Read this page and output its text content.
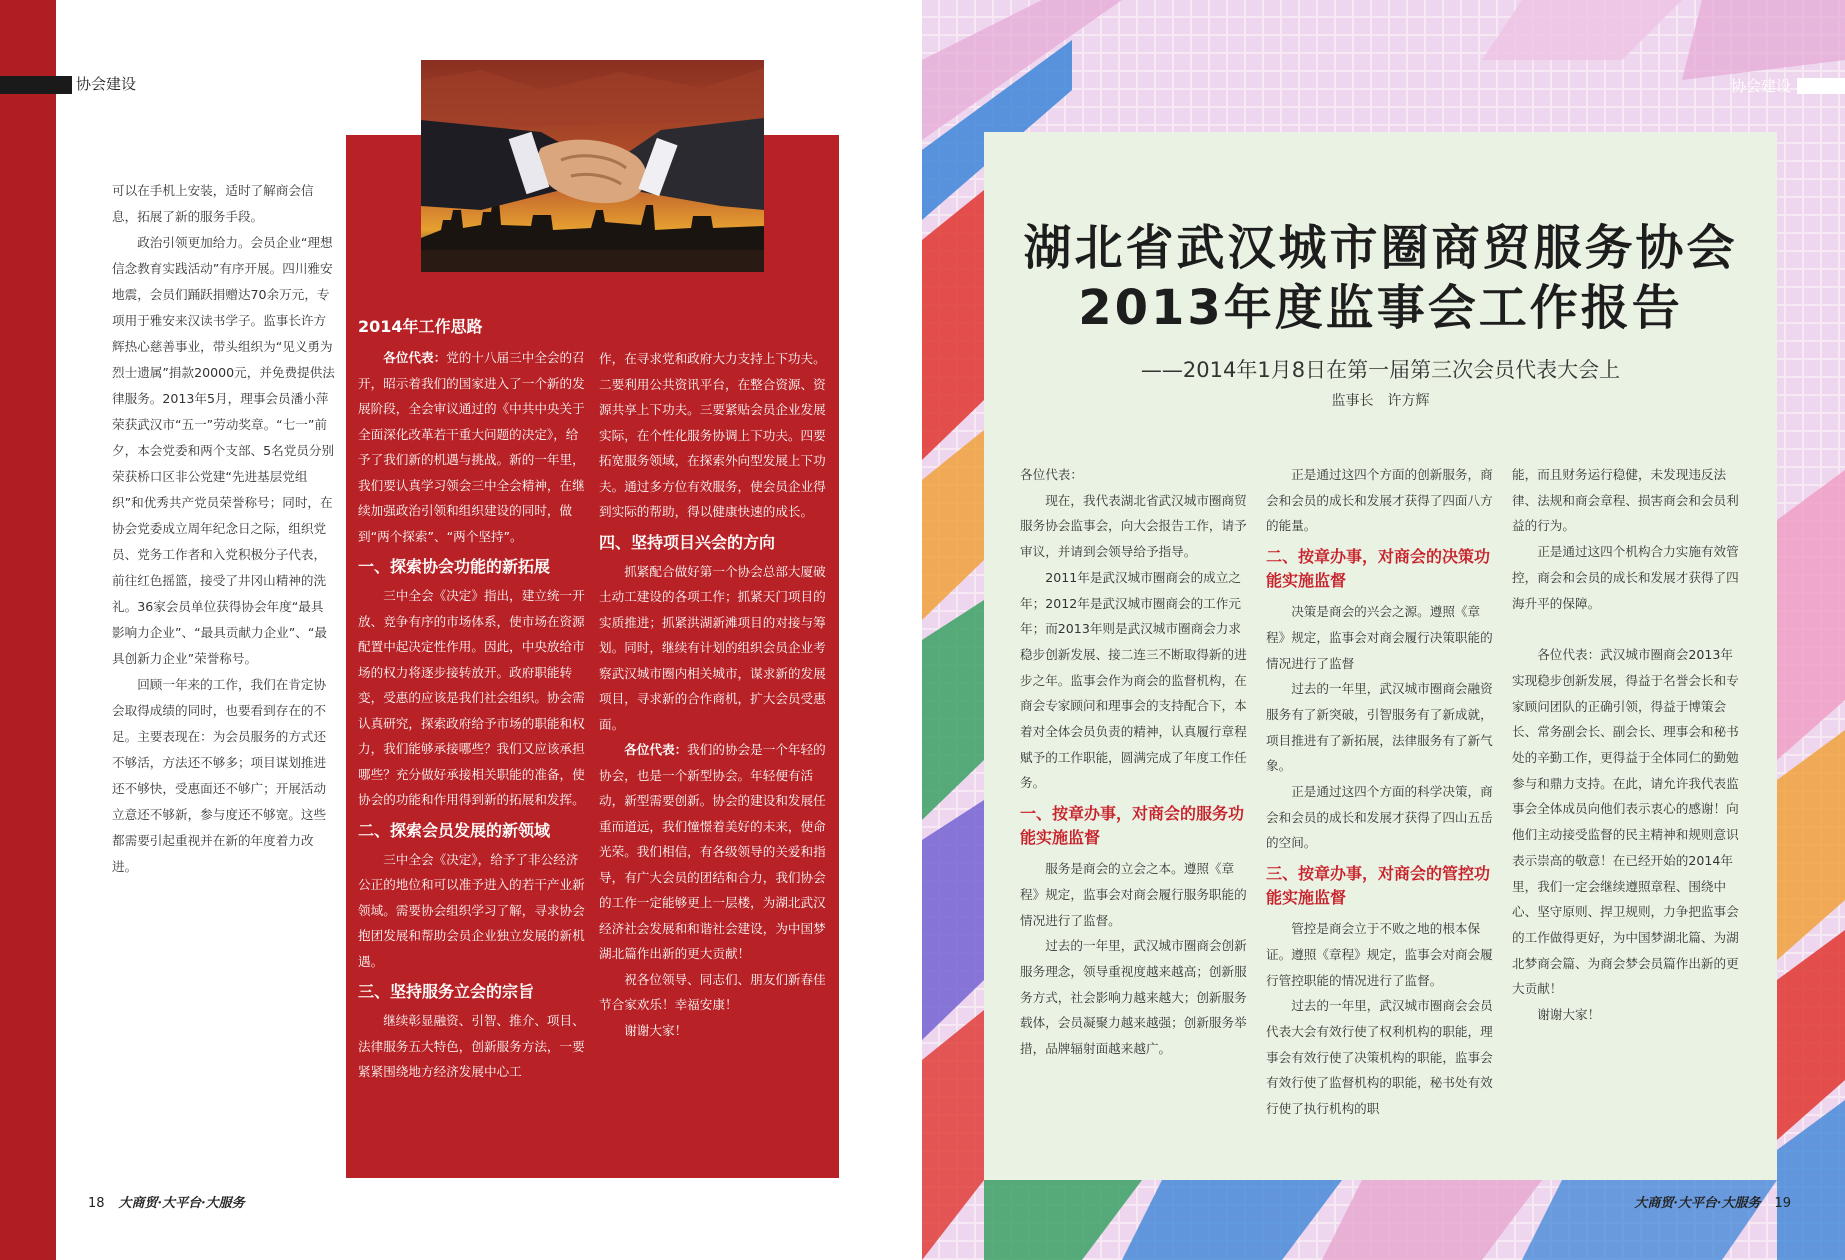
协会建设

可以在手机上安装，适时了解商会信息，拓展了新的服务手段。

政治引领更加给力。会员企业“理想信念教育实践活动”有序开展。四川雅安地震，会员们踊跃捐赠达70余万元，专项用于雅安来汉读书学子。监事长许方辉热心慈善事业，带头组织为“见义勇为烈士遗属”捐款20000元，并免费提供法律服务。2013年5月，理事会员潘小萍荣获武汉市“五一”劳动奖章。“七一”前夕，本会党委和两个支部、5名党员分别荣获桥口区非公党建“先进基层党组织”和优秀共产党员荣誉称号；同时，在协会党委成立周年纪念日之际，组织党员、党务工作者和入党积极分子代表，前往红色摇篮，接受了井冈山精神的洗礼。36家会员单位获得协会年度“最具影响力企业”、“最具贡献力企业”、“最具创新力企业”荣誉称号。

回顾一年来的工作，我们在肯定协会取得成绩的同时，也要看到存在的不足。主要表现在：为会员服务的方式还不够活，方法还不够多；项目谋划推进还不够快，受惠面还不够广；开展活动立意还不够新，参与度还不够宽。这些都需要引起重视并在新的年度着力改进。

2014年工作思路

各位代表：党的十八届三中全会的召开，昭示着我们的国家进入了一个新的发展阶段，全会审议通过的《中共中央关于全面深化改革若干重大问题的决定》，给予了我们新的机遇与挑战。新的一年里，我们要认真学习领会三中全会精神，在继续加强政治引领和组织建设的同时，做到“两个探索”、“两个坚持”。

一、探索协会功能的新拓展

三中全会《决定》指出，建立统一开放、竞争有序的市场体系，使市场在资源配置中起决定性作用。因此，中央放给市场的权力将逐步接转放开。政府职能转变，受惠的应该是我们社会组织。协会需认真研究，探索政府给予市场的职能和权力，我们能够承接哪些？我们又应该承担哪些？充分做好承接相关职能的准备，使协会的功能和作用得到新的拓展和发挥。

二、探索会员发展的新领域

三中全会《决定》，给予了非公经济公正的地位和可以准予进入的若干产业新领域。需要协会组织学习了解，寻求协会抱团发展和帮助会员企业独立发展的新机遇。

三、坚持服务立会的宗旨

继续彰显融资、引智、推介、项目、法律服务五大特色，创新服务方法，一要紧紧围绕地方经济发展中心工

作，在寻求党和政府大力支持上下功夫。二要利用公共资讯平台，在整合资源、资源共享上下功夫。三要紧贴会员企业发展实际，在个性化服务协调上下功夫。四要拓宽服务领域，在探索外向型发展上下功夫。通过多方位有效服务，使会员企业得到实际的帮助，得以健康快速的成长。

四、坚持项目兴会的方向

抓紧配合做好第一个协会总部大厦破土动工建设的各项工作；抓紧天门项目的实质推进；抓紧洪湖新滩项目的对接与筹划。同时，继续有计划的组织会员企业考察武汉城市圈内相关城市，谋求新的发展项目，寻求新的合作商机，扩大会员受惠面。

各位代表：我们的协会是一个年轻的协会，也是一个新型协会。年轻便有活动，新型需要创新。协会的建设和发展任重而道远，我们憧憬着美好的未来，使命光荣。我们相信，有各级领导的关爱和指导，有广大会员的团结和合力，我们协会的工作一定能够更上一层楼，为湖北武汉经济社会发展和和谐社会建设，为中国梦湖北篇作出新的更大贡献！

祝各位领导、同志们、朋友们新春佳节合家欢乐！幸福安康！

谢谢大家！

18 大商贸·大平台·大服务
协会建设
湖北省武汉城市圈商贸服务协会
2013年度监事会工作报告
——2014年1月8日在第一届第三次会员代表大会上
监事长　许方辉

各位代表：

现在，我代表湖北省武汉城市圈商贸服务协会监事会，向大会报告工作，请予审议，并请到会领导给予指导。

2011年是武汉城市圈商会的成立之年；2012年是武汉城市圈商会的工作元年；而2013年则是武汉城市圈商会力求稳步创新发展、接二连三不断取得新的进步之年。监事会作为商会的监督机构，在商会专家顾问和理事会的支持配合下，本着对全体会员负责的精神，认真履行章程赋予的工作职能，圆满完成了年度工作任务。

一、按章办事，对商会的服务功能实施监督

服务是商会的立会之本。遵照《章程》规定，监事会对商会履行服务职能的情况进行了监督。

过去的一年里，武汉城市圈商会创新服务理念，领导重视度越来越高；创新服务方式，社会影响力越来越大；创新服务载体，会员凝聚力越来越强；创新服务举措，品牌辐射面越来越广。

正是通过这四个方面的创新服务，商会和会员的成长和发展才获得了四面八方的能量。

二、按章办事，对商会的决策功能实施监督

决策是商会的兴会之源。遵照《章程》规定，监事会对商会履行决策职能的情况进行了监督

过去的一年里，武汉城市圈商会融资服务有了新突破，引智服务有了新成就，项目推进有了新拓展，法律服务有了新气象。

正是通过这四个方面的科学决策，商会和会员的成长和发展才获得了四山五岳的空间。

三、按章办事，对商会的管控功能实施监督

管控是商会立于不败之地的根本保证。遵照《章程》规定，监事会对商会履行管控职能的情况进行了监督。

过去的一年里，武汉城市圈商会会员代表大会有效行使了权利机构的职能，理事会有效行使了决策机构的职能，监事会有效行使了监督机构的职能，秘书处有效行使了执行机构的职

能，而且财务运行稳健，未发现违反法律、法规和商会章程、损害商会和会员利益的行为。

正是通过这四个机构合力实施有效管控，商会和会员的成长和发展才获得了四海升平的保障。

各位代表：武汉城市圈商会2013年实现稳步创新发展，得益于名誉会长和专家顾问团队的正确引领，得益于博策会长、常务副会长、副会长、理事会和秘书处的辛勤工作，更得益于全体同仁的勤勉参与和鼎力支持。在此，请允许我代表监事会全体成员向他们表示衷心的感谢！向他们主动接受监督的民主精神和规则意识表示崇高的敬意！在已经开始的2014年里，我们一定会继续遵照章程、围绕中心、坚守原则、捍卫规则，力争把监事会的工作做得更好，为中国梦湖北篇、为湖北梦商会篇、为商会梦会员篇作出新的更大贡献！

谢谢大家！

大商贸·大平台·大服务 19
